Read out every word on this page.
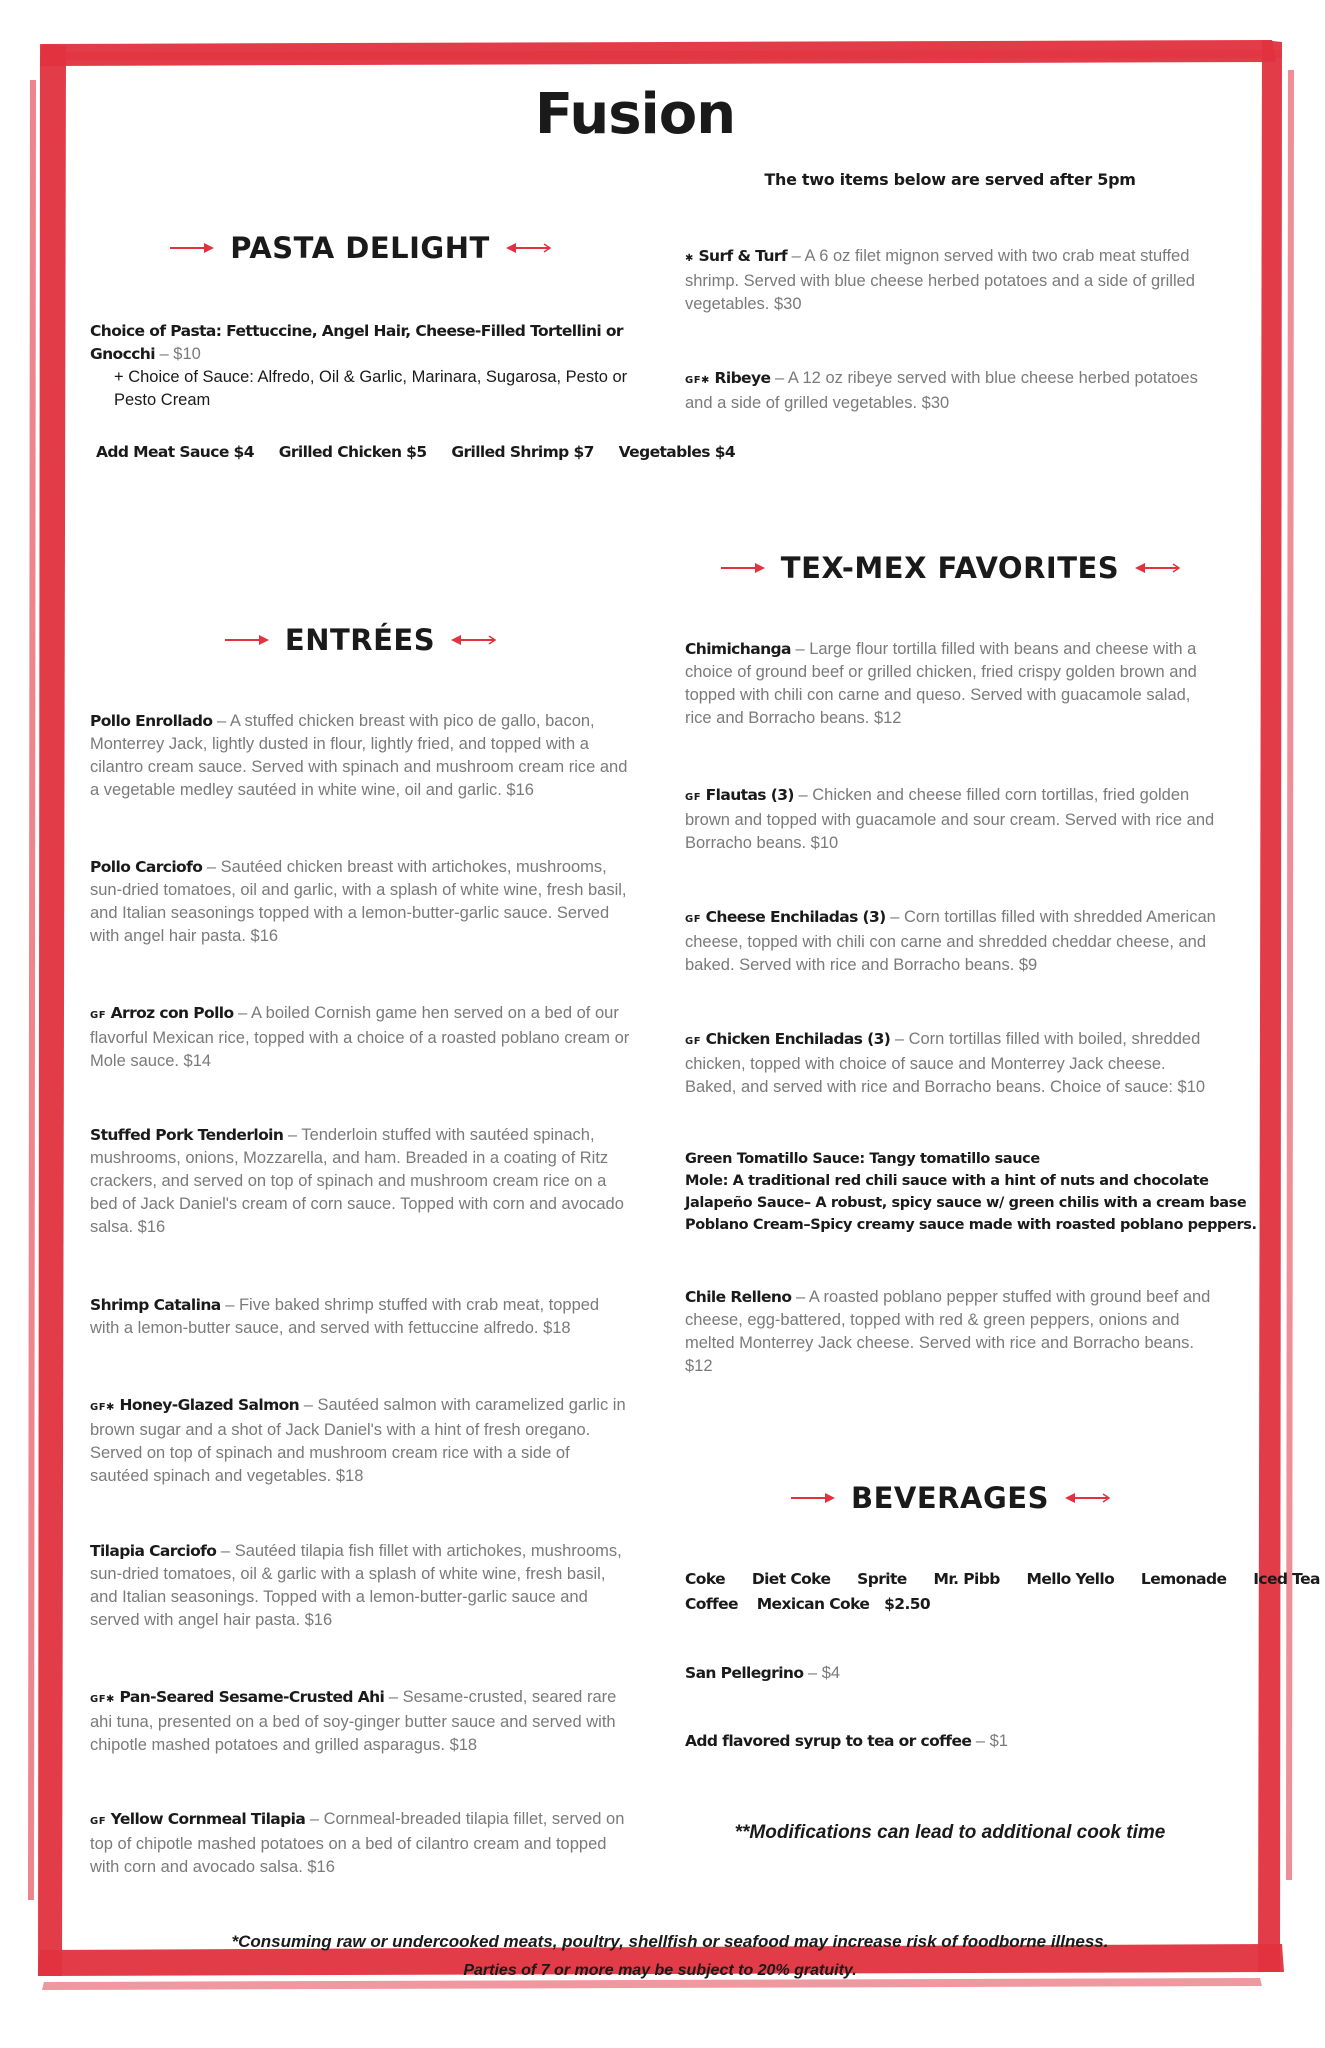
Fusion
The two items below are served after 5pm
PASTA DELIGHT
Choice of Pasta: Fettuccine, Angel Hair, Cheese-Filled Tortellini or Gnocchi – $10
+ Choice of Sauce: Alfredo, Oil & Garlic, Marinara, Sugarosa, Pesto or
Pesto Cream
Add Meat Sauce $4 Grilled Chicken $5 Grilled Shrimp $7 Vegetables $4
✱ Surf & Turf – A 6 oz filet mignon served with two crab meat stuffed shrimp. Served with blue cheese herbed potatoes and a side of grilled vegetables. $30
GF✱ Ribeye – A 12 oz ribeye served with blue cheese herbed potatoes and a side of grilled vegetables. $30
ENTRÉES
Pollo Enrollado – A stuffed chicken breast with pico de gallo, bacon, Monterrey Jack, lightly dusted in flour, lightly fried, and topped with a cilantro cream sauce. Served with spinach and mushroom cream rice and a vegetable medley sautéed in white wine, oil and garlic. $16
Pollo Carciofo – Sautéed chicken breast with artichokes, mushrooms, sun-dried tomatoes, oil and garlic, with a splash of white wine, fresh basil, and Italian seasonings topped with a lemon-butter-garlic sauce. Served with angel hair pasta. $16
GF Arroz con Pollo – A boiled Cornish game hen served on a bed of our flavorful Mexican rice, topped with a choice of a roasted poblano cream or Mole sauce. $14
Stuffed Pork Tenderloin – Tenderloin stuffed with sautéed spinach, mushrooms, onions, Mozzarella, and ham. Breaded in a coating of Ritz crackers, and served on top of spinach and mushroom cream rice on a bed of Jack Daniel's cream of corn sauce. Topped with corn and avocado salsa. $16
Shrimp Catalina – Five baked shrimp stuffed with crab meat, topped with a lemon-butter sauce, and served with fettuccine alfredo. $18
GF✱ Honey-Glazed Salmon – Sautéed salmon with caramelized garlic in brown sugar and a shot of Jack Daniel's with a hint of fresh oregano. Served on top of spinach and mushroom cream rice with a side of sautéed spinach and vegetables. $18
Tilapia Carciofo – Sautéed tilapia fish fillet with artichokes, mushrooms, sun-dried tomatoes, oil & garlic with a splash of white wine, fresh basil, and Italian seasonings. Topped with a lemon-butter-garlic sauce and served with angel hair pasta. $16
GF✱ Pan-Seared Sesame-Crusted Ahi – Sesame-crusted, seared rare ahi tuna, presented on a bed of soy-ginger butter sauce and served with chipotle mashed potatoes and grilled asparagus. $18
GF Yellow Cornmeal Tilapia – Cornmeal-breaded tilapia fillet, served on top of chipotle mashed potatoes on a bed of cilantro cream and topped with corn and avocado salsa. $16
TEX-MEX FAVORITES
Chimichanga – Large flour tortilla filled with beans and cheese with a choice of ground beef or grilled chicken, fried crispy golden brown and topped with chili con carne and queso. Served with guacamole salad, rice and Borracho beans. $12
GF Flautas (3) – Chicken and cheese filled corn tortillas, fried golden brown and topped with guacamole and sour cream. Served with rice and Borracho beans. $10
GF Cheese Enchiladas (3) – Corn tortillas filled with shredded American cheese, topped with chili con carne and shredded cheddar cheese, and baked. Served with rice and Borracho beans. $9
GF Chicken Enchiladas (3) – Corn tortillas filled with boiled, shredded chicken, topped with choice of sauce and Monterrey Jack cheese. Baked, and served with rice and Borracho beans. Choice of sauce: $10
Green Tomatillo Sauce: Tangy tomatillo sauce
Mole: A traditional red chili sauce with a hint of nuts and chocolate
Jalapeño Sauce– A robust, spicy sauce w/ green chilis with a cream base
Poblano Cream–Spicy creamy sauce made with roasted poblano peppers.
Chile Relleno – A roasted poblano pepper stuffed with ground beef and cheese, egg-battered, topped with red & green peppers, onions and melted Monterrey Jack cheese. Served with rice and Borracho beans. $12
BEVERAGES
Coke Diet Coke Sprite Mr. Pibb Mello Yello Lemonade Iced Tea
Coffee Mexican Coke $2.50
San Pellegrino – $4
Add flavored syrup to tea or coffee – $1
**Modifications can lead to additional cook time
*Consuming raw or undercooked meats, poultry, shellfish or seafood may increase risk of foodborne illness.
Parties of 7 or more may be subject to 20% gratuity.
